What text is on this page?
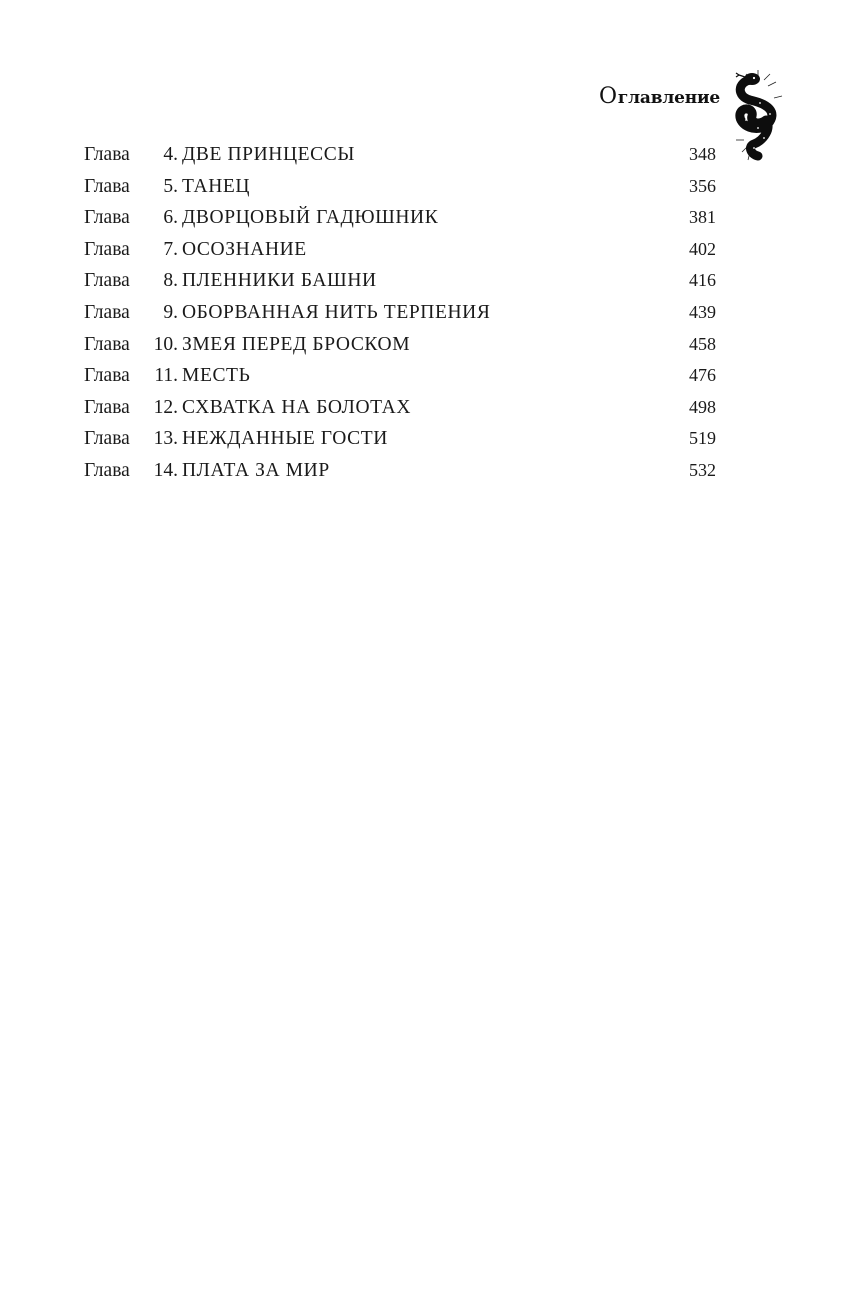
Оглавление
Глава	4. ДВЕ ПРИНЦЕССЫ	348
Глава	5. ТАНЕЦ	356
Глава	6. ДВОРЦОВЫЙ ГАДЮШНИК	381
Глава	7. ОСОЗНАНИЕ	402
Глава	8. ПЛЕННИКИ БАШНИ	416
Глава	9. ОБОРВАННАЯ НИТЬ ТЕРПЕНИЯ	439
Глава	10. ЗМЕЯ ПЕРЕД БРОСКОМ	458
Глава	11. МЕСТЬ	476
Глава	12. СХВАТКА НА БОЛОТАХ	498
Глава	13. НЕЖДАННЫЕ ГОСТИ	519
Глава	14. ПЛАТА ЗА МИР	532
